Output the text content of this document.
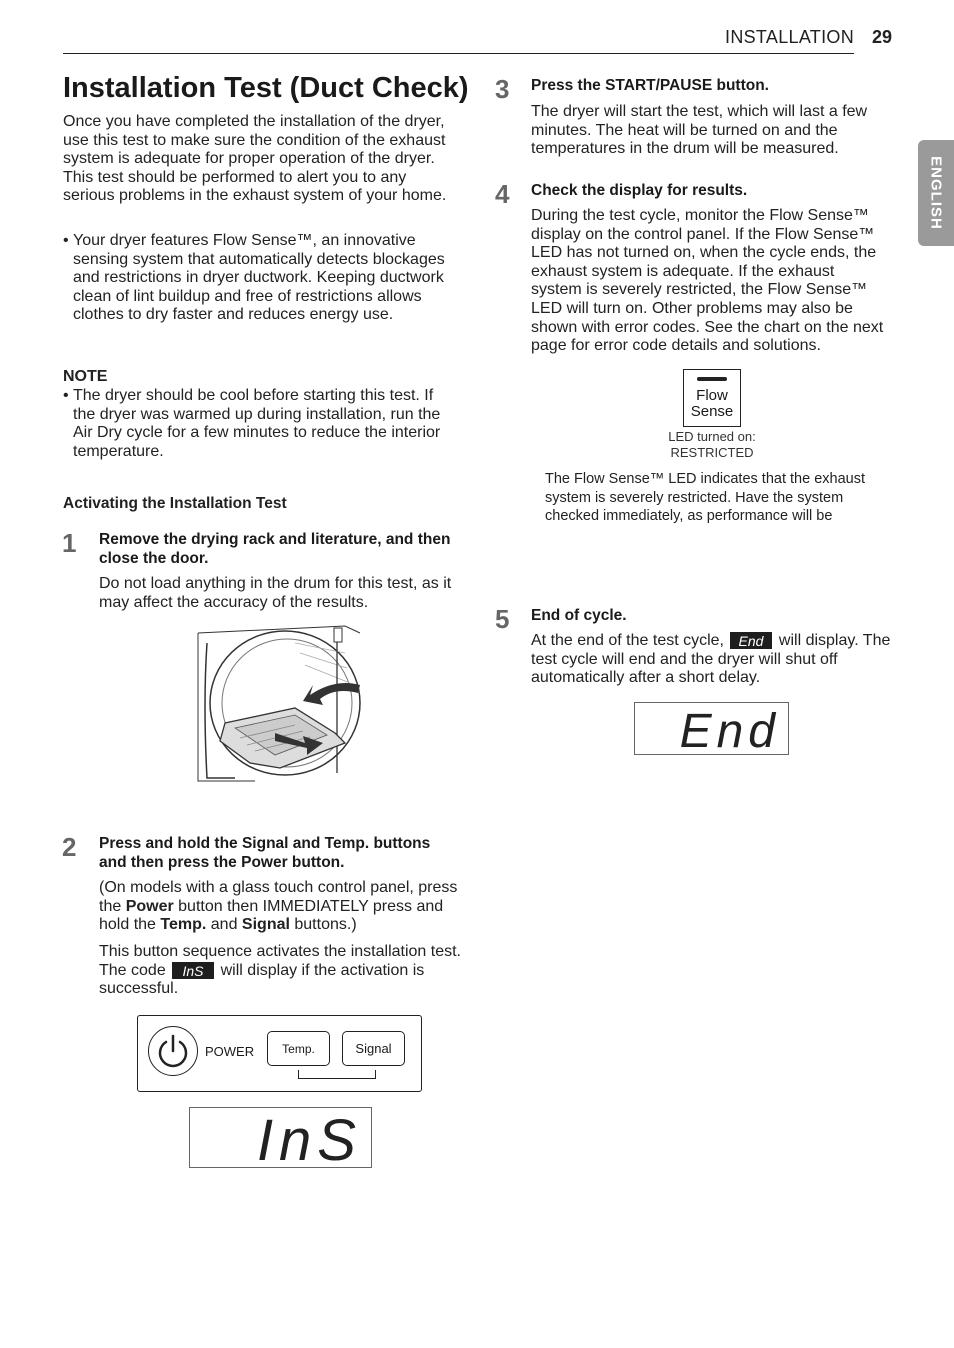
INSTALLATION 29
ENGLISH
Installation Test (Duct Check)
Once you have completed the installation of the dryer, use this test to make sure the condition of the exhaust system is adequate for proper operation of the dryer. This test should be performed to alert you to any serious problems in the exhaust system of your home.
• Your dryer features Flow Sense™, an innovative sensing system that automatically detects blockages and restrictions in dryer ductwork. Keeping ductwork clean of lint buildup and free of restrictions allows clothes to dry faster and reduces energy use.
NOTE
• The dryer should be cool before starting this test. If the dryer was warmed up during installation, run the Air Dry cycle for a few minutes to reduce the interior temperature.
Activating the Installation Test
1 Remove the drying rack and literature, and then close the door.
Do not load anything in the drum for this test, as it may affect the accuracy of the results.
2 Press and hold the Signal and Temp. buttons and then press the Power button.
(On models with a glass touch control panel, press the Power button then IMMEDIATELY press and hold the Temp. and Signal buttons.)
This button sequence activates the installation test. The code InS will display if the activation is successful.
POWER	Temp.	Signal
InS
3 Press the START/PAUSE button.
The dryer will start the test, which will last a few minutes. The heat will be turned on and the temperatures in the drum will be measured.
4 Check the display for results.
During the test cycle, monitor the Flow Sense™ display on the control panel. If the Flow Sense™ LED has not turned on, when the cycle ends, the exhaust system is adequate. If the exhaust system is severely restricted, the Flow Sense™ LED will turn on. Other problems may also be shown with error codes. See the chart on the next page for error code details and solutions.
Flow
Sense
LED turned on:
RESTRICTED
The Flow Sense™ LED indicates that the exhaust system is severely restricted. Have the system checked immediately, as performance will be
5 End of cycle.
At the end of the test cycle, End will display. The test cycle will end and the dryer will shut off automatically after a short delay.
End
